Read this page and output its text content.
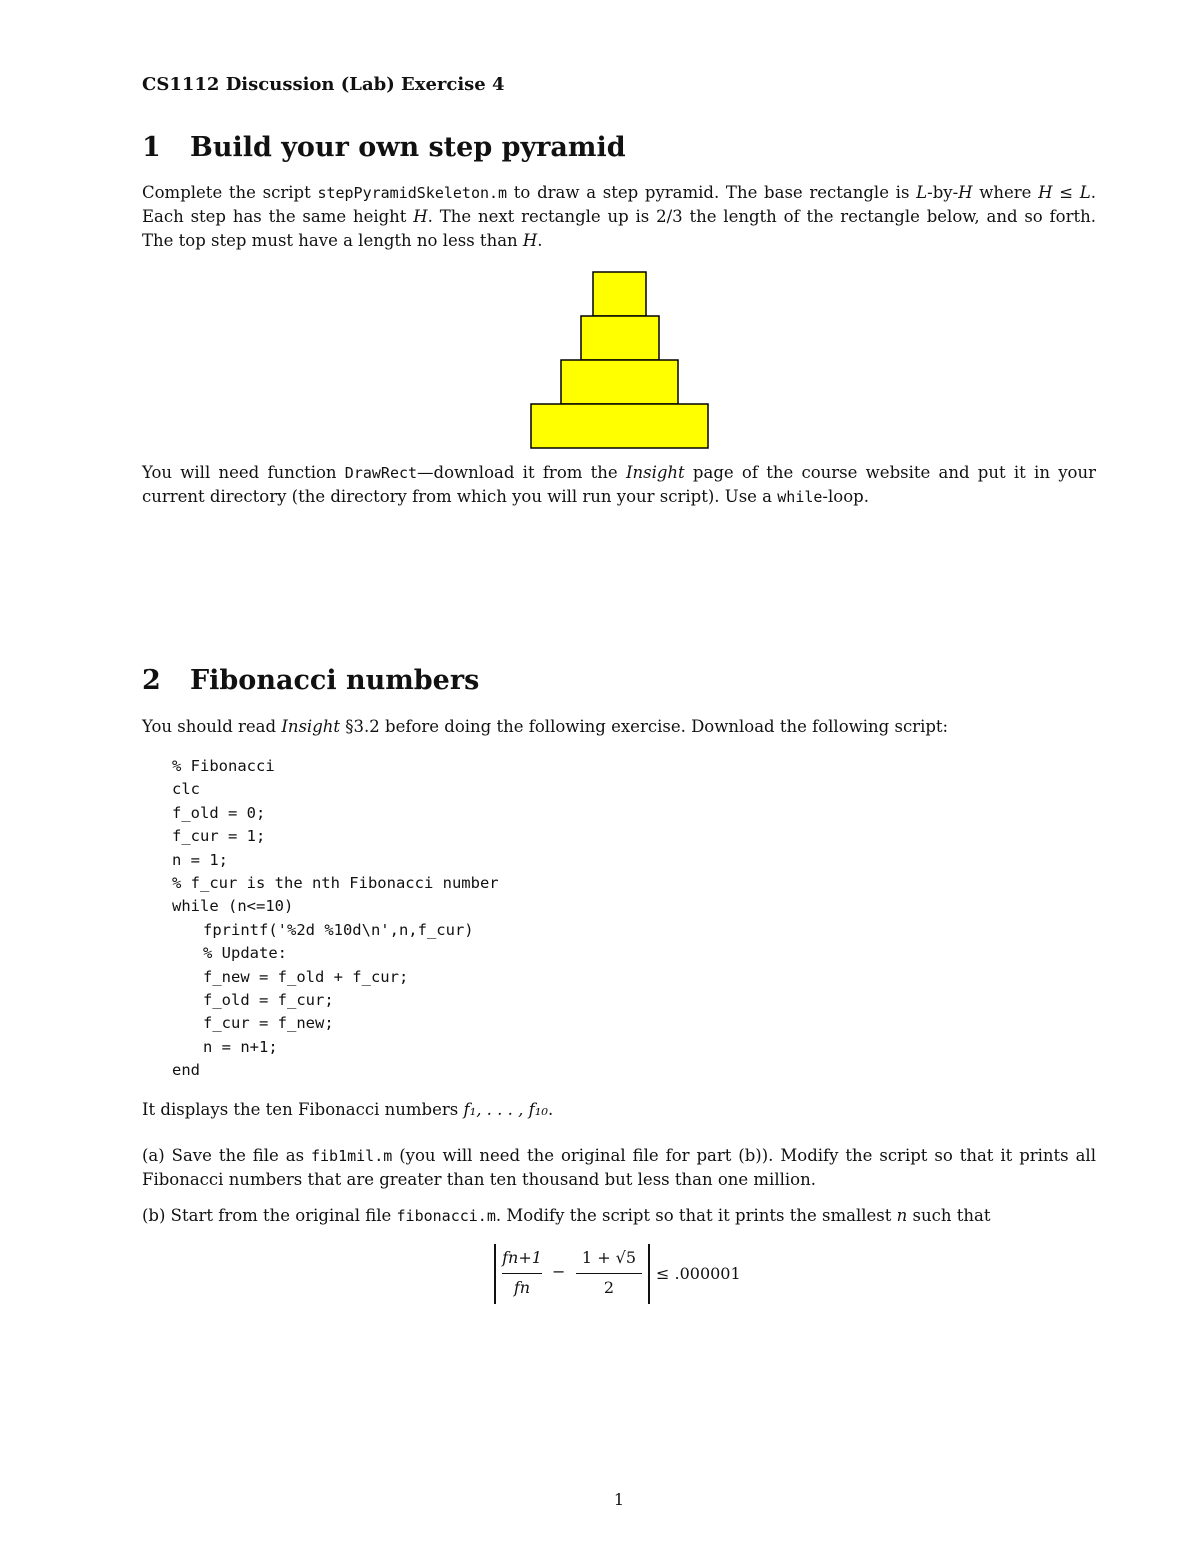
CS1112 Discussion (Lab) Exercise 4
1 Build your own step pyramid
Complete the script stepPyramidSkeleton.m to draw a step pyramid. The base rectangle is L-by-H where H ≤ L. Each step has the same height H. The next rectangle up is 2/3 the length of the rectangle below, and so forth. The top step must have a length no less than H.
You will need function DrawRect—download it from the Insight page of the course website and put it in your current directory (the directory from which you will run your script). Use a while-loop.
2 Fibonacci numbers
You should read Insight §3.2 before doing the following exercise. Download the following script:
% Fibonacci
clc
f_old = 0;
f_cur = 1;
n = 1;
% f_cur is the nth Fibonacci number
while (n<=10)
fprintf('%2d %10d\n',n,f_cur)
% Update:
f_new = f_old + f_cur;
f_old = f_cur;
f_cur = f_new;
n = n+1;
end
It displays the ten Fibonacci numbers f₁, . . . , f₁₀.
(a) Save the file as fib1mil.m (you will need the original file for part (b)). Modify the script so that it prints all Fibonacci numbers that are greater than ten thousand but less than one million.
(b) Start from the original file fibonacci.m. Modify the script so that it prints the smallest n such that
fn+1
fn
−
1 + √5
2
≤ .000001
1
